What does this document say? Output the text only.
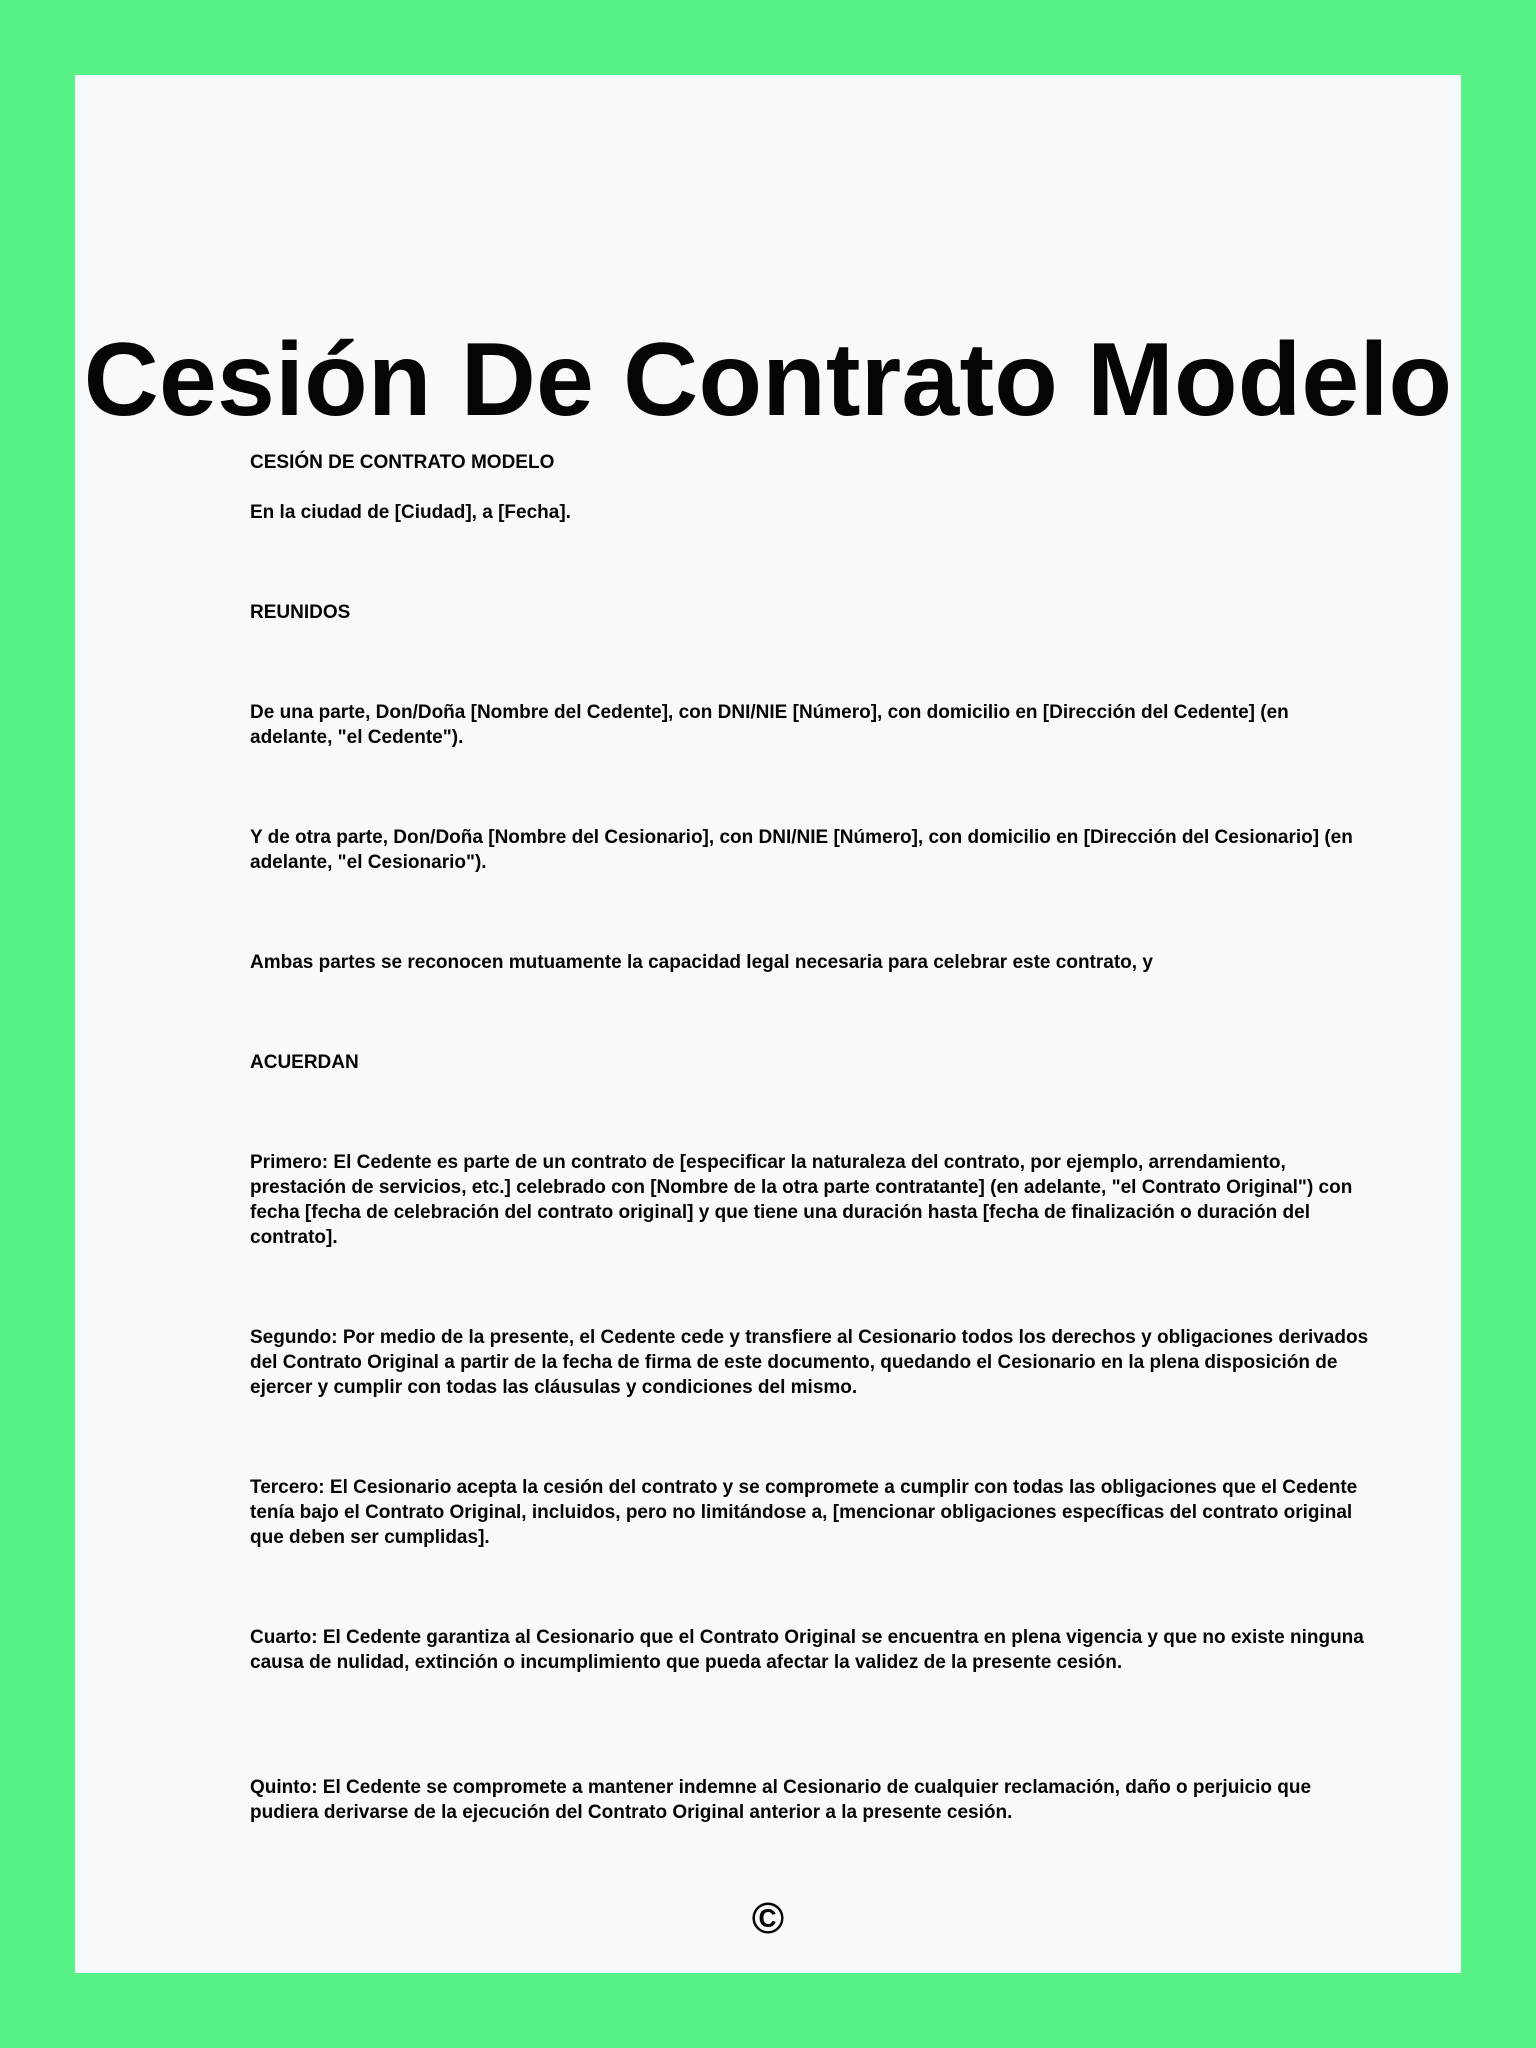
Cesión De Contrato Modelo
CESIÓN DE CONTRATO MODELO
En la ciudad de [Ciudad], a [Fecha].
REUNIDOS
De una parte, Don/Doña [Nombre del Cedente], con DNI/NIE [Número], con domicilio en [Dirección del Cedente] (en adelante, "el Cedente").
Y de otra parte, Don/Doña [Nombre del Cesionario], con DNI/NIE [Número], con domicilio en [Dirección del Cesionario] (en adelante, "el Cesionario").
Ambas partes se reconocen mutuamente la capacidad legal necesaria para celebrar este contrato, y
ACUERDAN
Primero: El Cedente es parte de un contrato de [especificar la naturaleza del contrato, por ejemplo, arrendamiento, prestación de servicios, etc.] celebrado con [Nombre de la otra parte contratante] (en adelante, "el Contrato Original") con fecha [fecha de celebración del contrato original] y que tiene una duración hasta [fecha de finalización o duración del contrato].
Segundo: Por medio de la presente, el Cedente cede y transfiere al Cesionario todos los derechos y obligaciones derivados del Contrato Original a partir de la fecha de firma de este documento, quedando el Cesionario en la plena disposición de ejercer y cumplir con todas las cláusulas y condiciones del mismo.
Tercero: El Cesionario acepta la cesión del contrato y se compromete a cumplir con todas las obligaciones que el Cedente tenía bajo el Contrato Original, incluidos, pero no limitándose a, [mencionar obligaciones específicas del contrato original que deben ser cumplidas].
Cuarto: El Cedente garantiza al Cesionario que el Contrato Original se encuentra en plena vigencia y que no existe ninguna causa de nulidad, extinción o incumplimiento que pueda afectar la validez de la presente cesión.
Quinto: El Cedente se compromete a mantener indemne al Cesionario de cualquier reclamación, daño o perjuicio que pudiera derivarse de la ejecución del Contrato Original anterior a la presente cesión.
©
